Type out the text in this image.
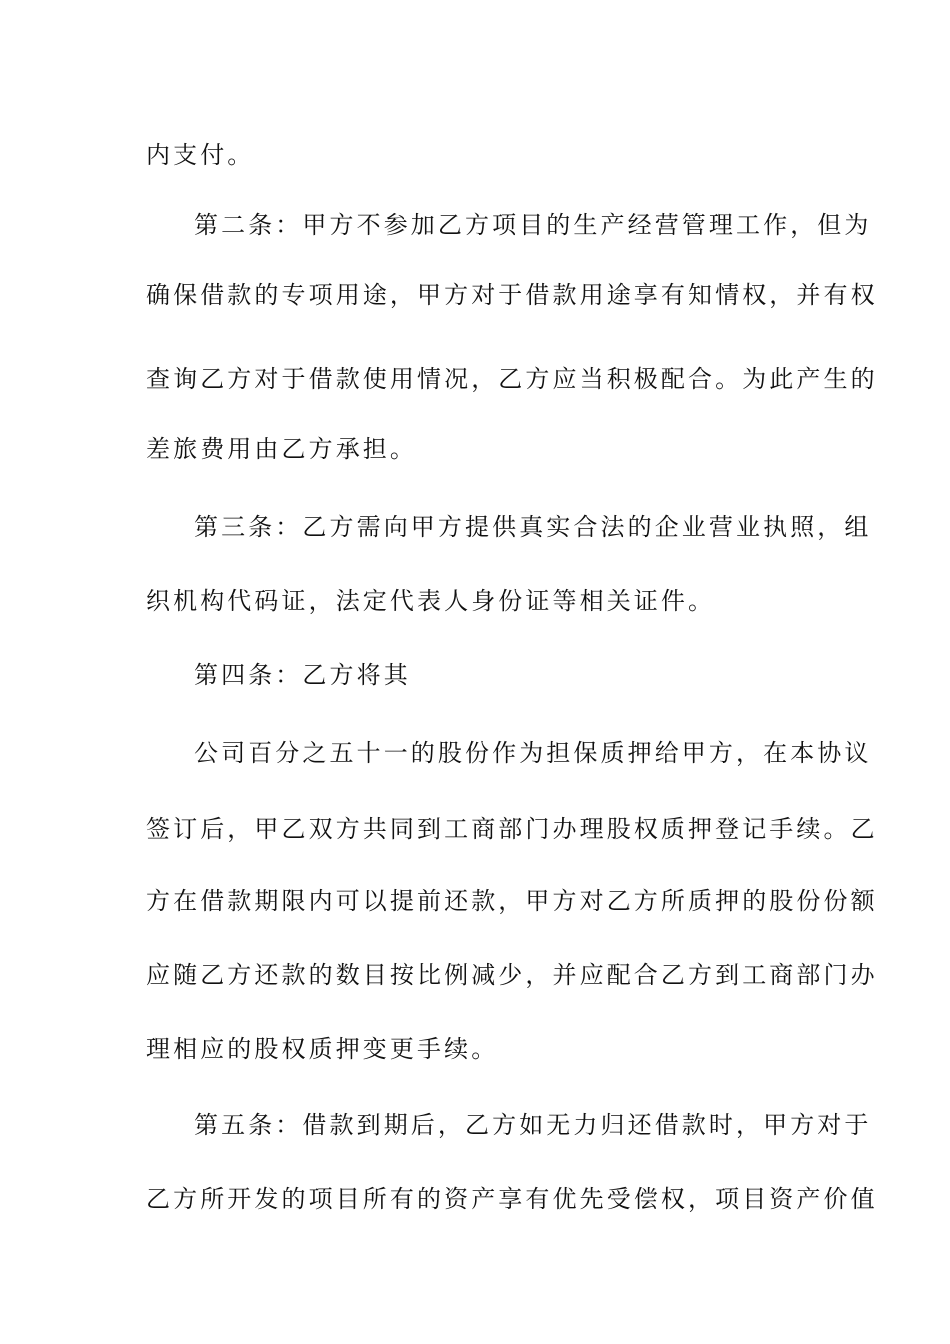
内支付。

第二条：甲方不参加乙方项目的生产经营管理工作，但为

确保借款的专项用途，甲方对于借款用途享有知情权，并有权

查询乙方对于借款使用情况，乙方应当积极配合。为此产生的

差旅费用由乙方承担。

第三条：乙方需向甲方提供真实合法的企业营业执照，组

织机构代码证，法定代表人身份证等相关证件。

第四条：乙方将其

公司百分之五十一的股份作为担保质押给甲方，在本协议

签订后，甲乙双方共同到工商部门办理股权质押登记手续。乙

方在借款期限内可以提前还款，甲方对乙方所质押的股份份额

应随乙方还款的数目按比例减少，并应配合乙方到工商部门办

理相应的股权质押变更手续。

第五条：借款到期后，乙方如无力归还借款时，甲方对于

乙方所开发的项目所有的资产享有优先受偿权，项目资产价值
